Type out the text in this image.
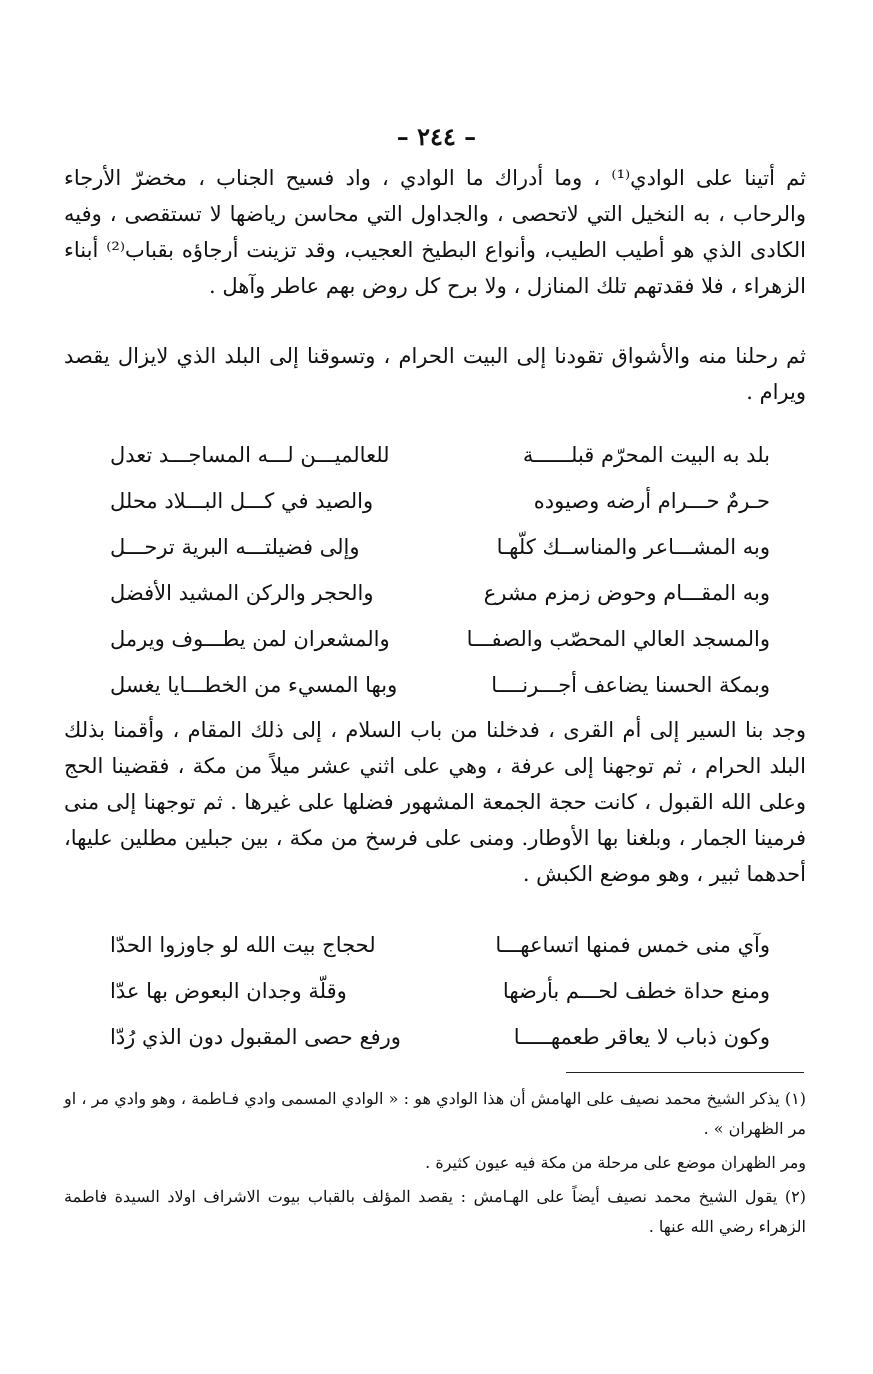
– ٢٤٤ –

ثم أتينا على الوادي⁽¹⁾ ، وما أدراك ما الوادي ، واد فسيح الجناب ، مخضرّ الأرجاء والرحاب ، به النخيل التي لاتحصى ، والجداول التي محاسن رياضها لا تستقصى ، وفيه الكادى الذي هو أطيب الطيب، وأنواع البطيخ العجيب، وقد تزينت أرجاؤه بقباب⁽²⁾ أبناء الزهراء ، فلا فقدتهم تلك المنازل ، ولا برح كل روض بهم عاطر وآهل .

ثم رحلنا منه والأشواق تقودنا إلى البيت الحرام ، وتسوقنا إلى البلد الذي لايزال يقصد ويرام .

بلد به البيت المحرّم قبلــــــة
للعالميـــن لـــه المساجـــد تعدل
حـرمٌ حـــرام أرضه وصيوده
والصيد في كـــل البـــلاد محلل
وبه المشـــاعر والمناســك كلّهـا
وإلى فضيلتـــه البرية ترحـــل
وبه المقـــام وحوض زمزم مشرع
والحجر والركن المشيد الأفضل
والمسجد العالي المحصّب والصفـــا
والمشعران لمن يطـــوف ويرمل
وبمكة الحسنا يضاعف أجـــرنــــا
وبها المسيء من الخطـــايا يغسل

وجد بنا السير إلى أم القرى ، فدخلنا من باب السلام ، إلى ذلك المقام ، وأقمنا بذلك البلد الحرام ، ثم توجهنا إلى عرفة ، وهي على اثني عشر ميلاً من مكة ، فقضينا الحج وعلى الله القبول ، كانت حجة الجمعة المشهور فضلها على غيرها . ثم توجهنا إلى منى فرمينا الجمار ، وبلغنا بها الأوطار. ومنى على فرسخ من مكة ، بين جبلين مطلين عليها، أحدهما ثبير ، وهو موضع الكبش .

وآي منى خمس فمنها اتساعهـــا
لحجاج بيت الله لو جاوزوا الحدّا
ومنع حداة خطف لحـــم بأرضها
وقلّة وجدان البعوض بها عدّا
وكون ذباب لا يعاقر طعمهـــــا
ورفع حصى المقبول دون الذي رُدّا

(١) يذكر الشيخ محمد نصيف على الهامش أن هذا الوادي هو : « الوادي المسمى وادي فـاطمة ، وهو وادي مر ، او مر الظهران » .

ومر الظهران موضع على مرحلة من مكة فيه عيون كثيرة .

(٢) يقول الشيخ محمد نصيف أيضاً على الهـامش : يقصد المؤلف بالقباب بيوت الاشراف اولاد السيدة فاطمة الزهراء رضي الله عنها .
